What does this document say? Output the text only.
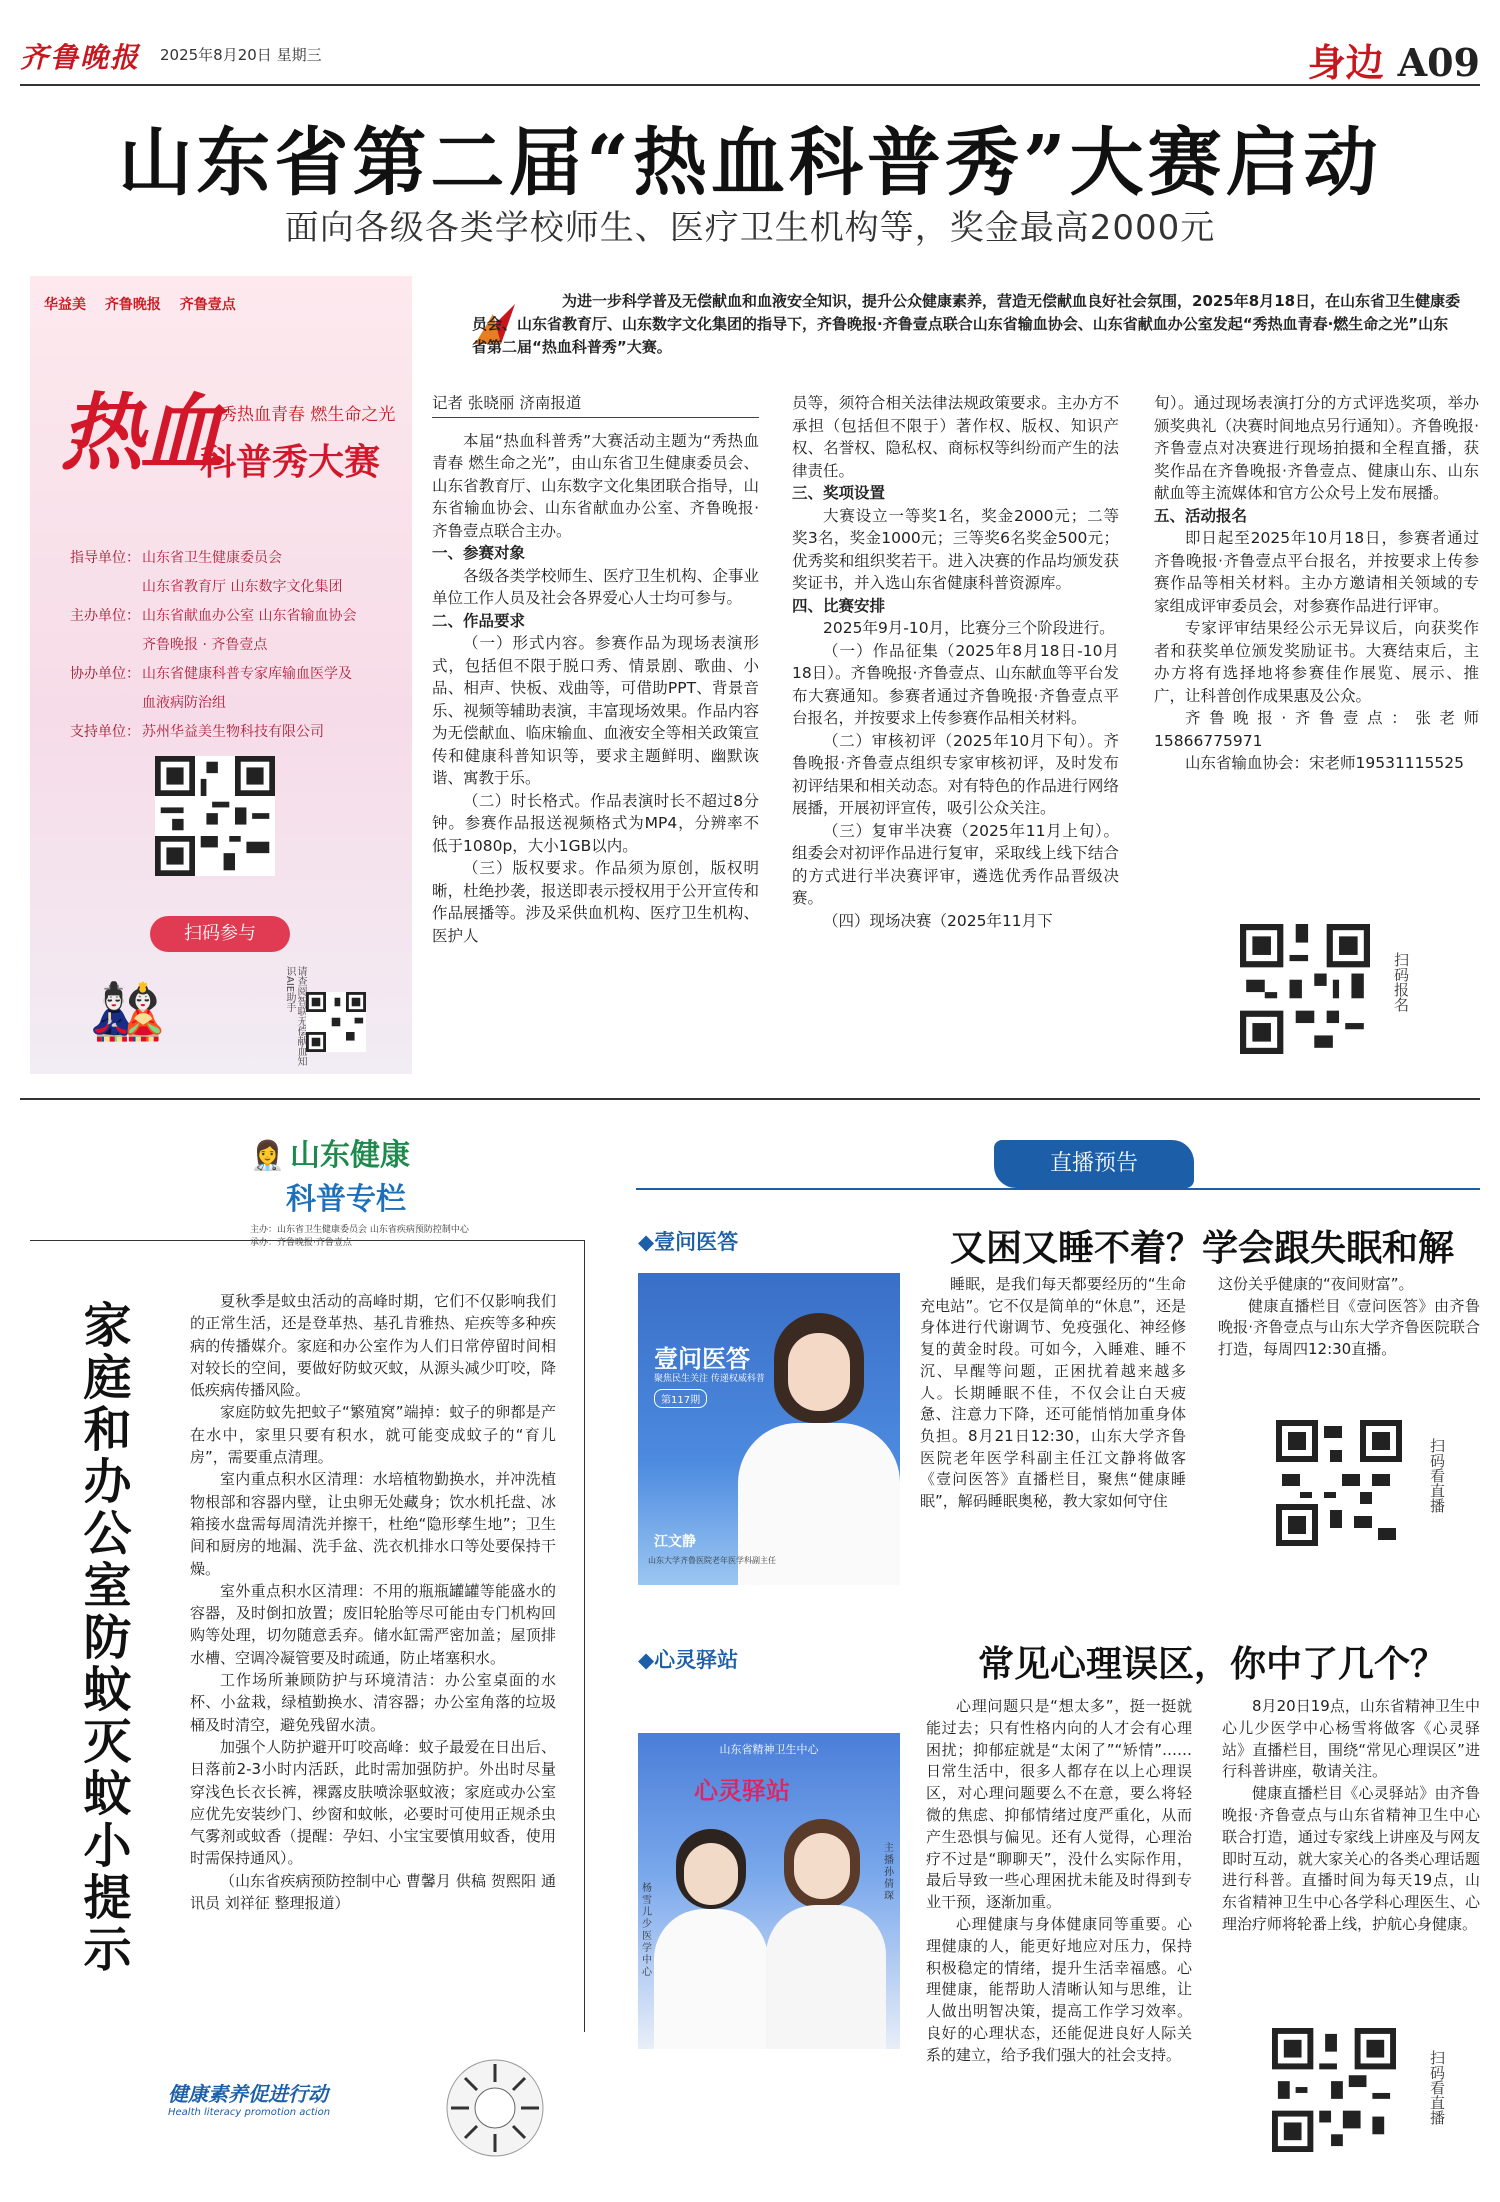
齐鲁晚报 2025年8月20日 星期三	身边 A09
山东省第二届“热血科普秀”大赛启动
面向各级各类学校师生、医疗卫生机构等，奖金最高2000元
华益美 齐鲁晚报 齐鲁壹点
热血 秀热血青春 燃生命之光
科普秀大赛
指导单位： 山东省卫生健康委员会
山东省教育厅 山东数字文化集团
主办单位： 山东省献血办公室 山东省输血协会
齐鲁晚报 · 齐鲁壹点
协办单位： 山东省健康科普专家库输血医学及
血液病防治组
支持单位： 苏州华益美生物科技有限公司
扫码参与
🎎	请查阅智联无偿献血知识AIE助手
为进一步科学普及无偿献血和血液安全知识，提升公众健康素养，营造无偿献血良好社会氛围，2025年8月18日，在山东省卫生健康委员会、山东省教育厅、山东数字文化集团的指导下，齐鲁晚报·齐鲁壹点联合山东省输血协会、山东省献血办公室发起“秀热血青春·燃生命之光”山东省第二届“热血科普秀”大赛。

记者 张晓丽 济南报道

本届“热血科普秀”大赛活动主题为“秀热血青春 燃生命之光”，由山东省卫生健康委员会、山东省教育厅、山东数字文化集团联合指导，山东省输血协会、山东省献血办公室、齐鲁晚报·齐鲁壹点联合主办。

一、参赛对象

各级各类学校师生、医疗卫生机构、企事业单位工作人员及社会各界爱心人士均可参与。

二、作品要求

（一）形式内容。参赛作品为现场表演形式，包括但不限于脱口秀、情景剧、歌曲、小品、相声、快板、戏曲等，可借助PPT、背景音乐、视频等辅助表演，丰富现场效果。作品内容为无偿献血、临床输血、血液安全等相关政策宣传和健康科普知识等，要求主题鲜明、幽默诙谐、寓教于乐。

（二）时长格式。作品表演时长不超过8分钟。参赛作品报送视频格式为MP4，分辨率不低于1080p，大小1GB以内。

（三）版权要求。作品须为原创，版权明晰，杜绝抄袭，报送即表示授权用于公开宣传和作品展播等。涉及采供血机构、医疗卫生机构、医护人

员等，须符合相关法律法规政策要求。主办方不承担（包括但不限于）著作权、版权、知识产权、名誉权、隐私权、商标权等纠纷而产生的法律责任。

三、奖项设置

大赛设立一等奖1名，奖金2000元；二等奖3名，奖金1000元；三等奖6名奖金500元；优秀奖和组织奖若干。进入决赛的作品均颁发获奖证书，并入选山东省健康科普资源库。

四、比赛安排

2025年9月-10月，比赛分三个阶段进行。

（一）作品征集（2025年8月18日-10月18日）。齐鲁晚报·齐鲁壹点、山东献血等平台发布大赛通知。参赛者通过齐鲁晚报·齐鲁壹点平台报名，并按要求上传参赛作品相关材料。

（二）审核初评（2025年10月下旬）。齐鲁晚报·齐鲁壹点组织专家审核初评，及时发布初评结果和相关动态。对有特色的作品进行网络展播，开展初评宣传，吸引公众关注。

（三）复审半决赛（2025年11月上旬）。组委会对初评作品进行复审，采取线上线下结合的方式进行半决赛评审，遴选优秀作品晋级决赛。

（四）现场决赛（2025年11月下

旬）。通过现场表演打分的方式评选奖项，举办颁奖典礼（决赛时间地点另行通知）。齐鲁晚报·齐鲁壹点对决赛进行现场拍摄和全程直播，获奖作品在齐鲁晚报·齐鲁壹点、健康山东、山东献血等主流媒体和官方公众号上发布展播。

五、活动报名

即日起至2025年10月18日，参赛者通过齐鲁晚报·齐鲁壹点平台报名，并按要求上传参赛作品等相关材料。主办方邀请相关领域的专家组成评审委员会，对参赛作品进行评审。

专家评审结果经公示无异议后，向获奖作者和获奖单位颁发奖励证书。大赛结束后，主办方将有选择地将参赛佳作展览、展示、推广，让科普创作成果惠及公众。

齐鲁晚报·齐鲁壹点：张老师15866775971

山东省输血协会：宋老师19531115525

扫码报名
👩‍⚕️ 山东健康
科普专栏
主办：山东省卫生健康委员会 山东省疾病预防控制中心
承办：齐鲁晚报·齐鲁壹点
家庭和办公室防蚊灭蚊小提示	夏秋季是蚊虫活动的高峰时期，它们不仅影响我们的正常生活，还是登革热、基孔肯雅热、疟疾等多种疾病的传播媒介。家庭和办公室作为人们日常停留时间相对较长的空间，要做好防蚊灭蚊，从源头减少叮咬，降低疾病传播风险。

家庭防蚊先把蚊子“繁殖窝”端掉：蚊子的卵都是产在水中，家里只要有积水，就可能变成蚊子的“育儿房”，需要重点清理。

室内重点积水区清理：水培植物勤换水，并冲洗植物根部和容器内壁，让虫卵无处藏身；饮水机托盘、冰箱接水盘需每周清洗并擦干，杜绝“隐形孳生地”；卫生间和厨房的地漏、洗手盆、洗衣机排水口等处要保持干燥。

室外重点积水区清理：不用的瓶瓶罐罐等能盛水的容器，及时倒扣放置；废旧轮胎等尽可能由专门机构回购等处理，切勿随意丢弃。储水缸需严密加盖；屋顶排水槽、空调冷凝管要及时疏通，防止堵塞积水。

工作场所兼顾防护与环境清洁：办公室桌面的水杯、小盆栽，绿植勤换水、清容器；办公室角落的垃圾桶及时清空，避免残留水渍。

加强个人防护避开叮咬高峰：蚊子最爱在日出后、日落前2-3小时内活跃，此时需加强防护。外出时尽量穿浅色长衣长裤，裸露皮肤喷涂驱蚊液；家庭或办公室应优先安装纱门、纱窗和蚊帐，必要时可使用正规杀虫气雾剂或蚊香（提醒：孕妇、小宝宝要慎用蚊香，使用时需保持通风）。

（山东省疾病预防控制中心 曹馨月 供稿 贺熙阳 通讯员 刘祥征 整理报道）

健康素养促进行动
Health literacy promotion action
直播预告
◆壹问医答	又困又睡不着？学会跟失眠和解
壹问医答
聚焦民生关注 传递权威科普
第117期
江文静
山东大学齐鲁医院老年医学科副主任

睡眠，是我们每天都要经历的“生命充电站”。它不仅是简单的“休息”，还是身体进行代谢调节、免疫强化、神经修复的黄金时段。可如今，入睡难、睡不沉、早醒等问题，正困扰着越来越多人。长期睡眠不佳，不仅会让白天疲惫、注意力下降，还可能悄悄加重身体负担。8月21日12:30，山东大学齐鲁医院老年医学科副主任江文静将做客《壹问医答》直播栏目，聚焦“健康睡眠”，解码睡眠奥秘，教大家如何守住

这份关乎健康的“夜间财富”。

健康直播栏目《壹问医答》由齐鲁晚报·齐鲁壹点与山东大学齐鲁医院联合打造，每周四12:30直播。

扫码看直播
◆心灵驿站	常见心理误区，你中了几个？
山东省精神卫生中心
心灵驿站
杨雪
儿少医学中心
主播
孙倩琛

心理问题只是“想太多”，挺一挺就能过去；只有性格内向的人才会有心理困扰；抑郁症就是“太闲了”“矫情”……日常生活中，很多人都存在以上心理误区，对心理问题要么不在意，要么将轻微的焦虑、抑郁情绪过度严重化，从而产生恐惧与偏见。还有人觉得，心理治疗不过是“聊聊天”，没什么实际作用，最后导致一些心理困扰未能及时得到专业干预，逐渐加重。

心理健康与身体健康同等重要。心理健康的人，能更好地应对压力，保持积极稳定的情绪，提升生活幸福感。心理健康，能帮助人清晰认知与思维，让人做出明智决策，提高工作学习效率。良好的心理状态，还能促进良好人际关系的建立，给予我们强大的社会支持。

8月20日19点，山东省精神卫生中心儿少医学中心杨雪将做客《心灵驿站》直播栏目，围绕“常见心理误区”进行科普讲座，敬请关注。

健康直播栏目《心灵驿站》由齐鲁晚报·齐鲁壹点与山东省精神卫生中心联合打造，通过专家线上讲座及与网友即时互动，就大家关心的各类心理话题进行科普。直播时间为每天19点，山东省精神卫生中心各学科心理医生、心理治疗师将轮番上线，护航心身健康。

扫码看直播
